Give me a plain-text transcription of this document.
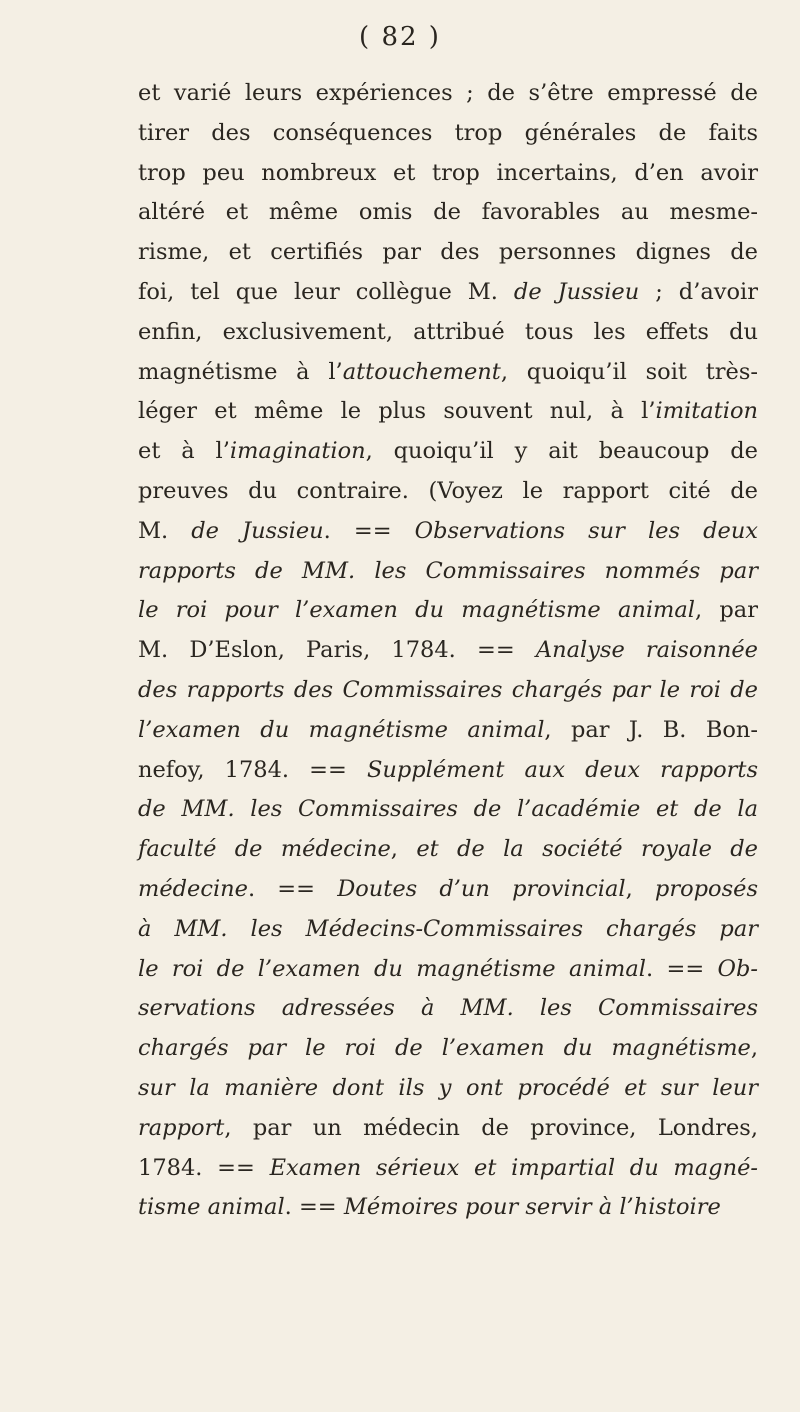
( 82 )
et varié leurs expériences ; de s’être empressé de
tirer des conséquences trop générales de faits
trop peu nombreux et trop incertains, d’en avoir
altéré et même omis de favorables au mesme-
risme, et certifiés par des personnes dignes de
foi, tel que leur collègue M. de Jussieu ; d’avoir
enfin, exclusivement, attribué tous les effets du
magnétisme à l’attouchement, quoiqu’il soit très-
léger et même le plus souvent nul, à l’imitation
et à l’imagination, quoiqu’il y ait beaucoup de
preuves du contraire. (Voyez le rapport cité de
M. de Jussieu. == Observations sur les deux
rapports de MM. les Commissaires nommés par
le roi pour l’examen du magnétisme animal, par
M. D’Eslon, Paris, 1784. == Analyse raisonnée
des rapports des Commissaires chargés par le roi de
l’examen du magnétisme animal, par J. B. Bon-
nefoy, 1784. == Supplément aux deux rapports
de MM. les Commissaires de l’académie et de la
faculté de médecine, et de la société royale de
médecine. == Doutes d’un provincial, proposés
à MM. les Médecins-Commissaires chargés par
le roi de l’examen du magnétisme animal. == Ob-
servations adressées à MM. les Commissaires
chargés par le roi de l’examen du magnétisme,
sur la manière dont ils y ont procédé et sur leur
rapport, par un médecin de province, Londres,
1784. == Examen sérieux et impartial du magné-
tisme animal. == Mémoires pour servir à l’histoire
